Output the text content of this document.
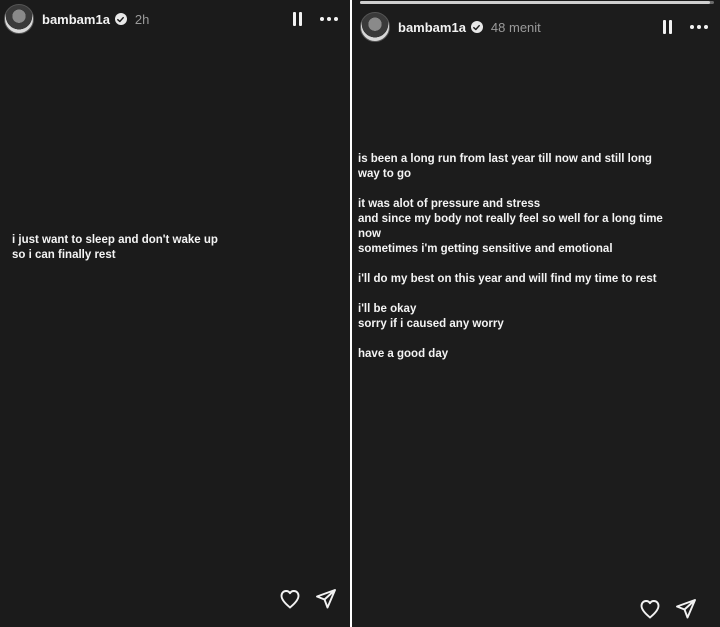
bambam1a 2h
i just want to sleep and don't wake up
so i can finally rest
bambam1a 48 menit
is been a long run from last year till now and still long
way to go

it was alot of pressure and stress
and since my body not really feel so well for a long time
now
sometimes i'm getting sensitive and emotional

i'll do my best on this year and will find my time to rest

i'll be okay
sorry if i caused any worry

have a good day
